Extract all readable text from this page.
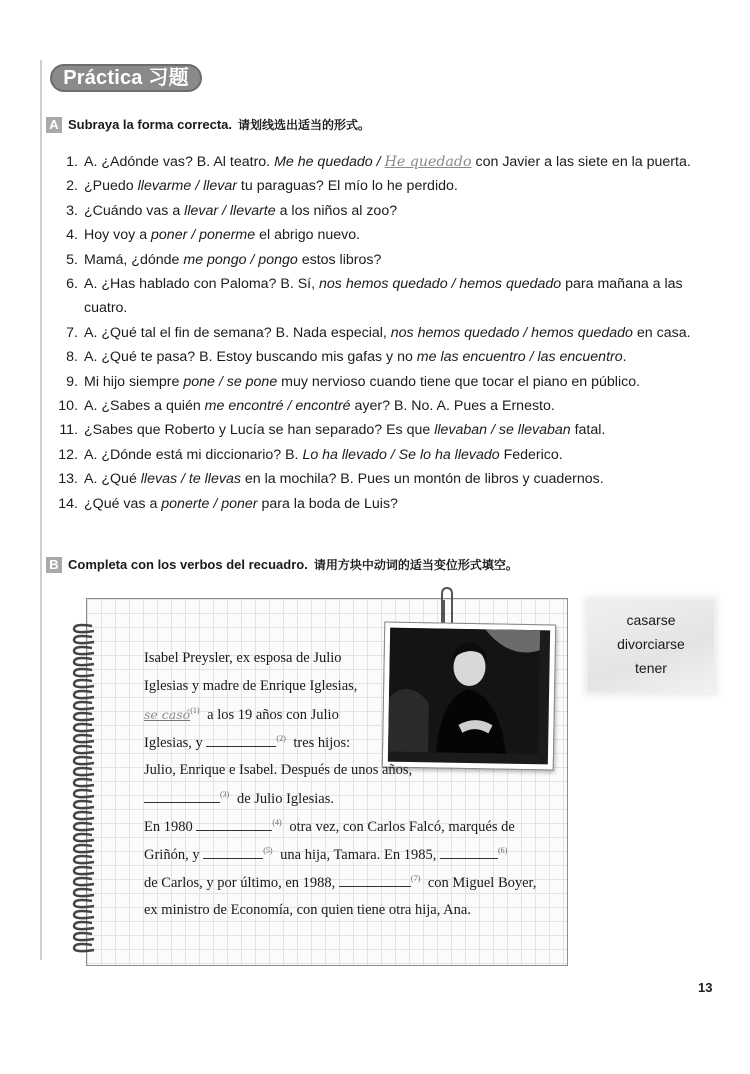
Práctica 习题
A Subraya la forma correcta. 请划线选出适当的形式。
1. A. ¿Adónde vas? B. Al teatro. Me he quedado / He quedado con Javier a las siete en la puerta.
2. ¿Puedo llevarme / llevar tu paraguas? El mío lo he perdido.
3. ¿Cuándo vas a llevar / llevarte a los niños al zoo?
4. Hoy voy a poner / ponerme el abrigo nuevo.
5. Mamá, ¿dónde me pongo / pongo estos libros?
6. A. ¿Has hablado con Paloma? B. Sí, nos hemos quedado / hemos quedado para mañana a las cuatro.
7. A. ¿Qué tal el fin de semana? B. Nada especial, nos hemos quedado / hemos quedado en casa.
8. A. ¿Qué te pasa? B. Estoy buscando mis gafas y no me las encuentro / las encuentro.
9. Mi hijo siempre pone / se pone muy nervioso cuando tiene que tocar el piano en público.
10. A. ¿Sabes a quién me encontré / encontré ayer? B. No. A. Pues a Ernesto.
11. ¿Sabes que Roberto y Lucía se han separado? Es que llevaban / se llevaban fatal.
12. A. ¿Dónde está mi diccionario? B. Lo ha llevado / Se lo ha llevado Federico.
13. A. ¿Qué llevas / te llevas en la mochila? B. Pues un montón de libros y cuadernos.
14. ¿Qué vas a ponerte / poner para la boda de Luis?
B Completa con los verbos del recuadro. 请用方块中动词的适当变位形式填空。
Isabel Preysler, ex esposa de Julio
Iglesias y madre de Enrique Iglesias,
se casó$^{(1)}$ a los 19 años con Julio
Iglesias, y	$^{(2)}$ tres hijos:
Julio, Enrique e Isabel. Después de unos años,
$^{(3)}$ de Julio Iglesias.
En 1980	$^{(4)}$ otra vez, con Carlos Falcó, marqués de
Griñón, y	$^{(5)}$ una hija, Tamara. En 1985,	$^{(6)}$
de Carlos, y por último, en 1988,	$^{(7)}$ con Miguel Boyer,
ex ministro de Economía, con quien tiene otra hija, Ana.
casarse
divorciarse
tener
13
